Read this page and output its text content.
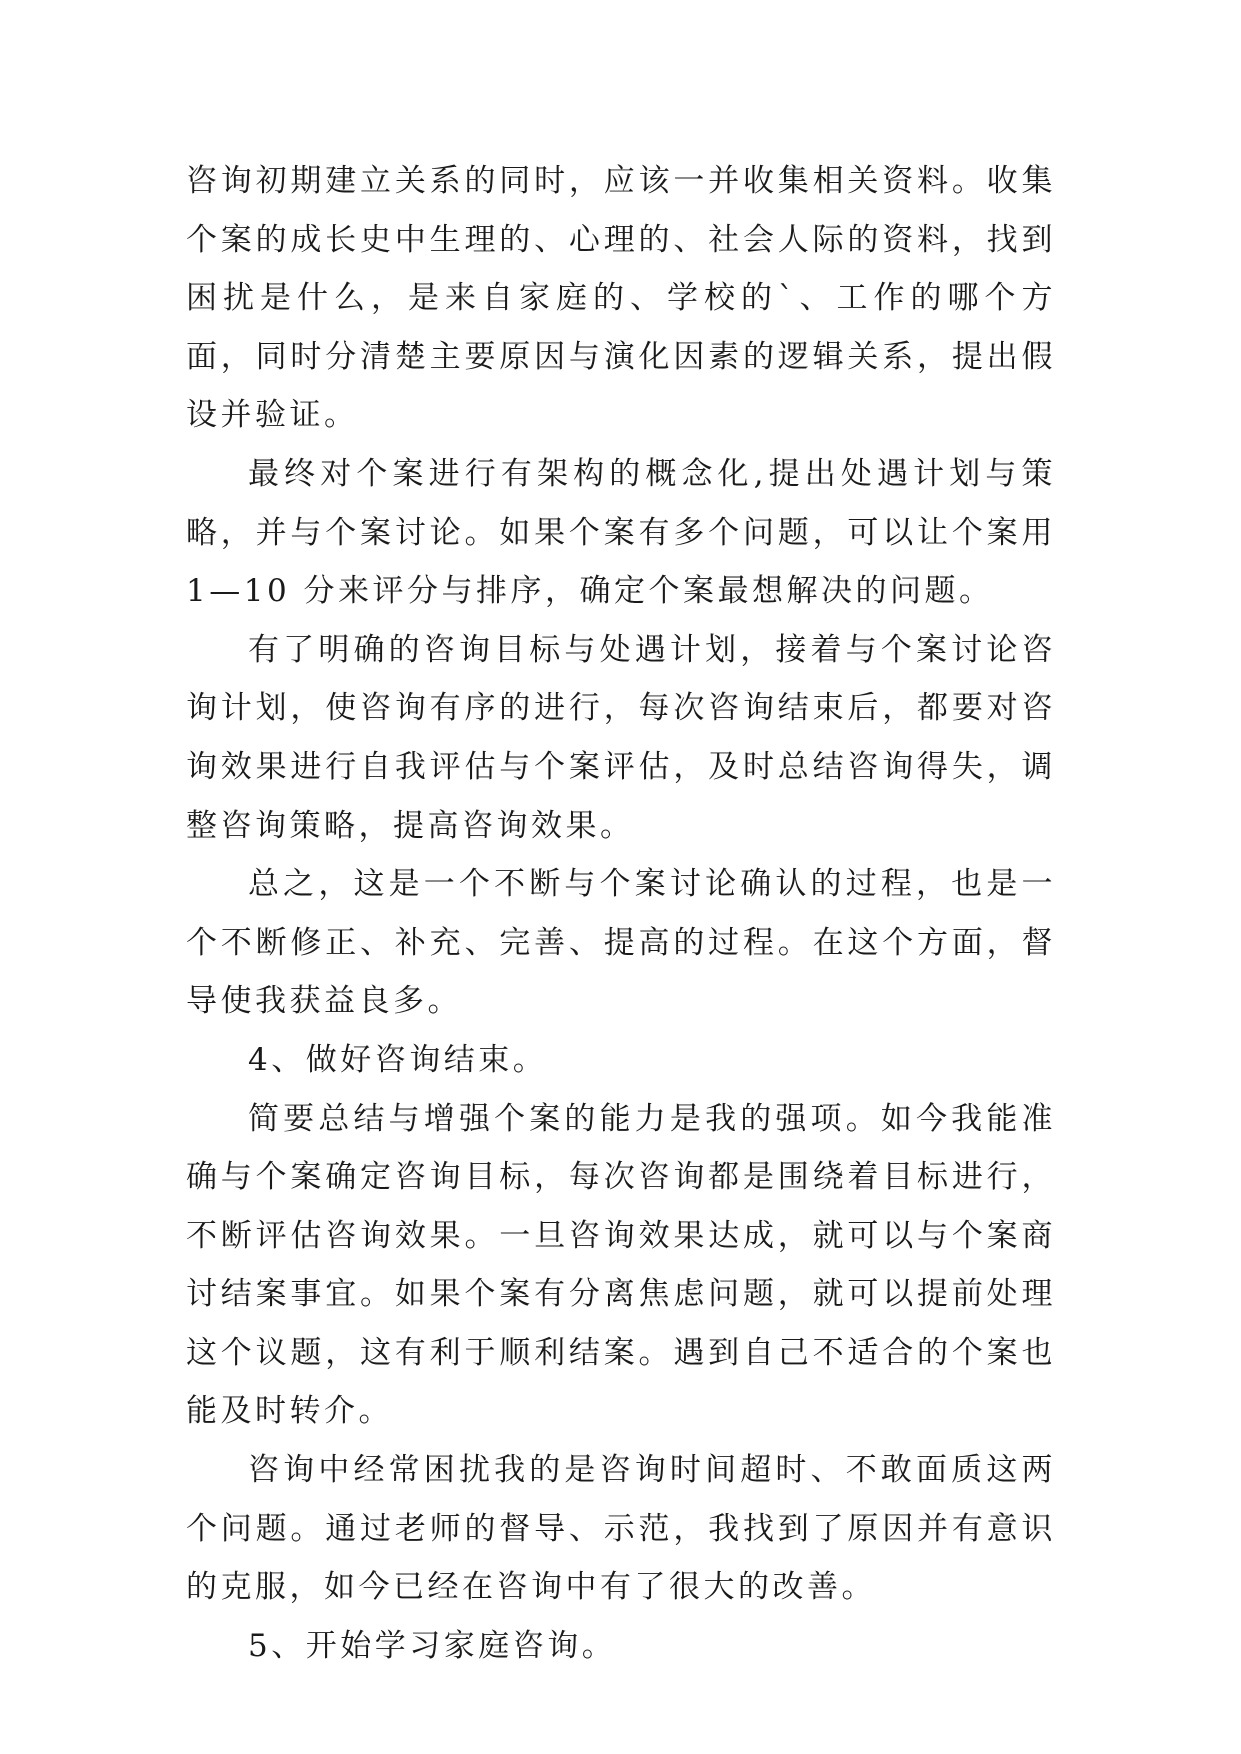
咨询初期建立关系的同时，应该一并收集相关资料。收集个案的成长史中生理的、心理的、社会人际的资料，找到困扰是什么，是来自家庭的、学校的`、工作的哪个方面，同时分清楚主要原因与演化因素的逻辑关系，提出假设并验证。

最终对个案进行有架构的概念化,提出处遇计划与策略，并与个案讨论。如果个案有多个问题，可以让个案用 1—10 分来评分与排序，确定个案最想解决的问题。

有了明确的咨询目标与处遇计划，接着与个案讨论咨询计划，使咨询有序的进行，每次咨询结束后，都要对咨询效果进行自我评估与个案评估，及时总结咨询得失，调整咨询策略，提高咨询效果。

总之，这是一个不断与个案讨论确认的过程，也是一个不断修正、补充、完善、提高的过程。在这个方面，督导使我获益良多。

4、做好咨询结束。

简要总结与增强个案的能力是我的强项。如今我能准确与个案确定咨询目标，每次咨询都是围绕着目标进行，不断评估咨询效果。一旦咨询效果达成，就可以与个案商讨结案事宜。如果个案有分离焦虑问题，就可以提前处理这个议题，这有利于顺利结案。遇到自己不适合的个案也能及时转介。

咨询中经常困扰我的是咨询时间超时、不敢面质这两个问题。通过老师的督导、示范，我找到了原因并有意识的克服，如今已经在咨询中有了很大的改善。

5、开始学习家庭咨询。
